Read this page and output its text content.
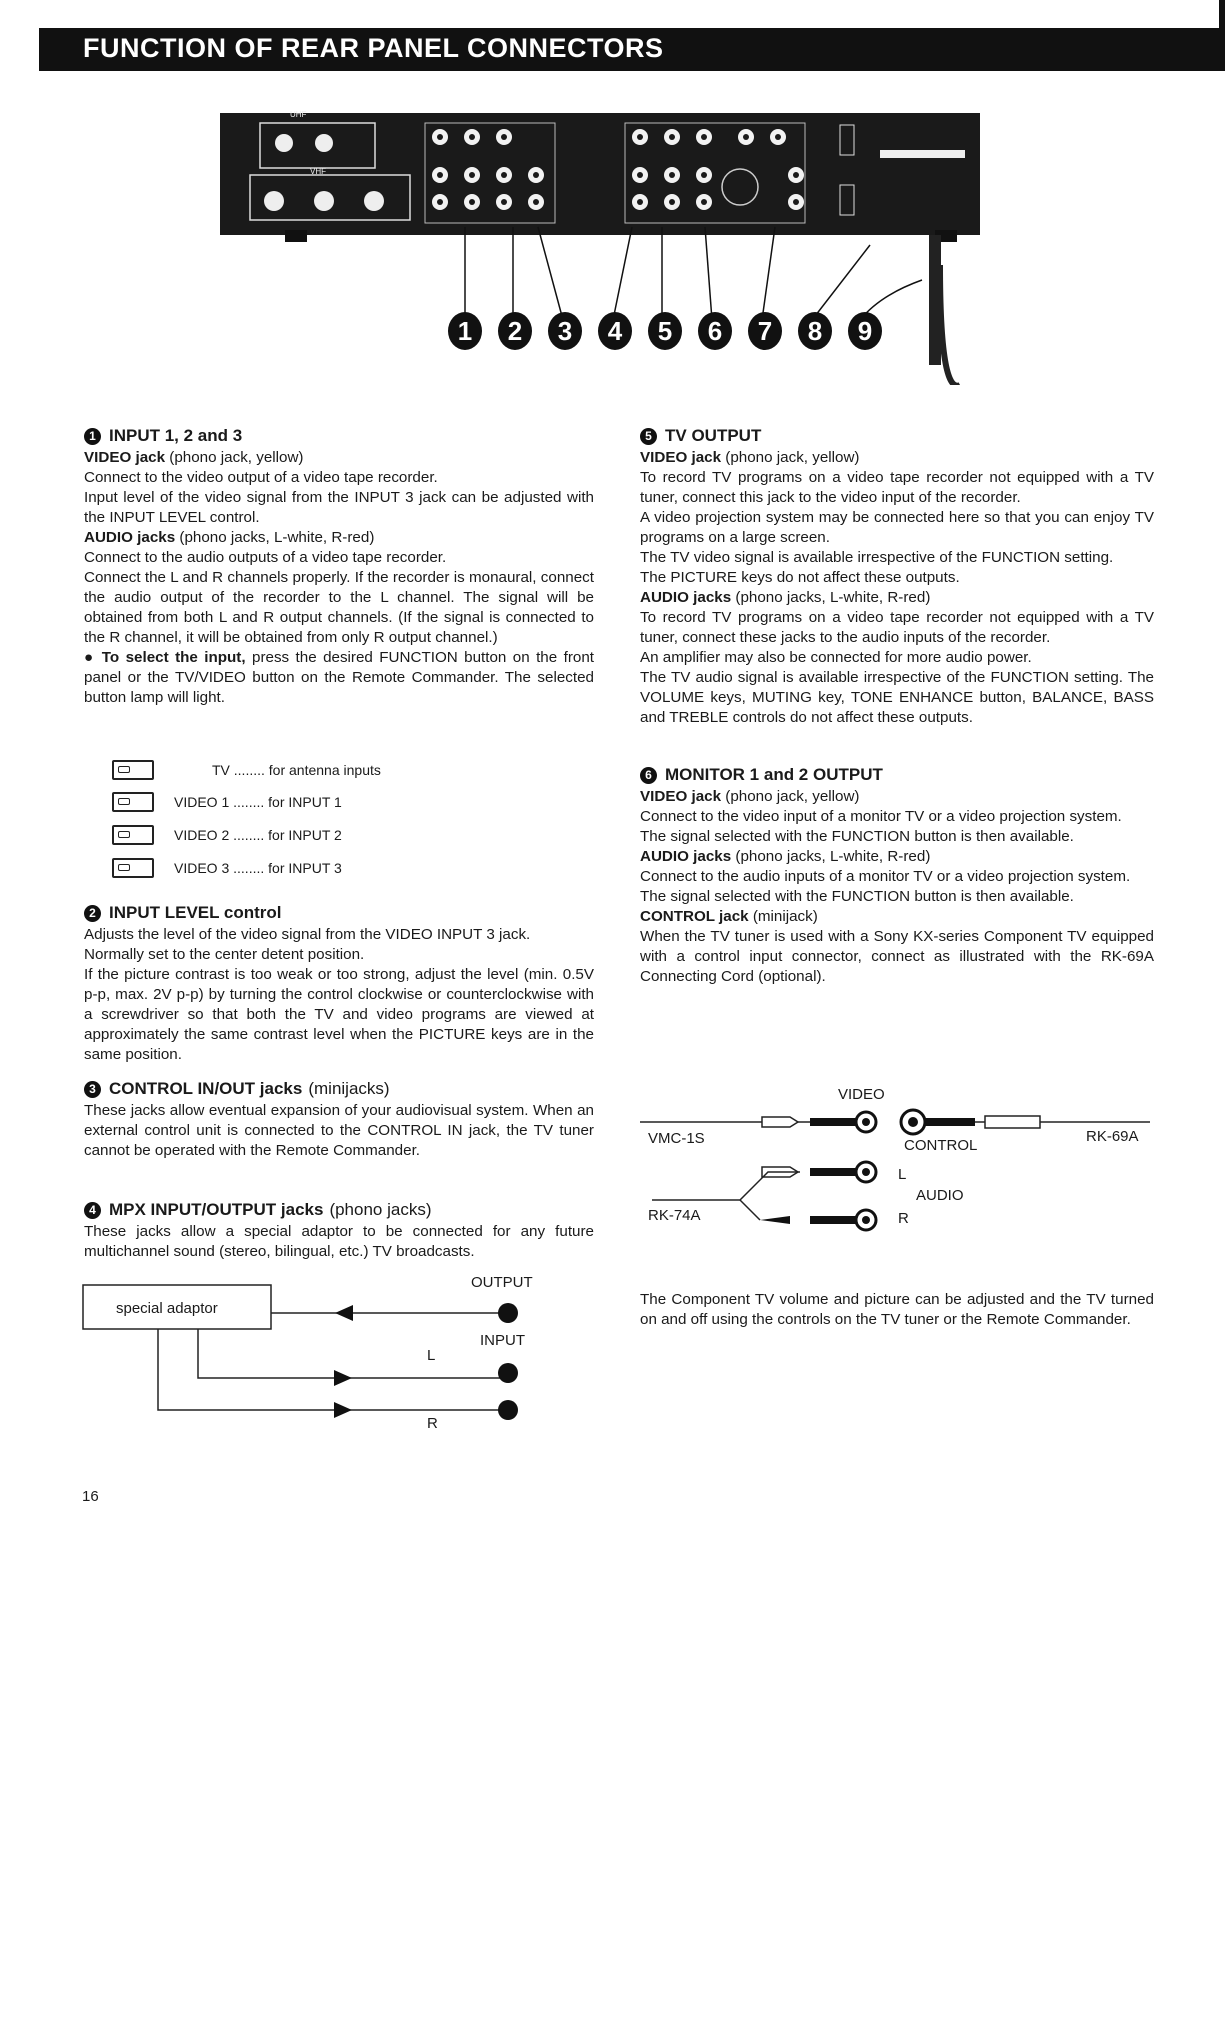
FUNCTION OF REAR PANEL CONNECTORS
1	2	3	4	5	6	7	8	9
UHF
VHF
1 INPUT 1, 2 and 3

VIDEO jack (phono jack, yellow)

Connect to the video output of a video tape recorder.

Input level of the video signal from the INPUT 3 jack can be adjusted with the INPUT LEVEL control.

AUDIO jacks (phono jacks, L-white, R-red)

Connect to the audio outputs of a video tape recorder.

Connect the L and R channels properly. If the recorder is monaural, connect the audio output of the recorder to the L channel. The signal will be obtained from both L and R output channels. (If the signal is connected to the R channel, it will be obtained from only R output channel.)

● To select the input, press the desired FUNCTION button on the front panel or the TV/VIDEO button on the Remote Commander. The selected button lamp will light.

TV ........ for antenna inputs
VIDEO 1 ........ for INPUT 1
VIDEO 2 ........ for INPUT 2
VIDEO 3 ........ for INPUT 3
2 INPUT LEVEL control

Adjusts the level of the video signal from the VIDEO INPUT 3 jack.

Normally set to the center detent position.

If the picture contrast is too weak or too strong, adjust the level (min. 0.5V p-p, max. 2V p-p) by turning the control clockwise or counterclockwise with a screwdriver so that both the TV and video programs are viewed at approximately the same contrast level when the PICTURE keys are in the same position.

3 CONTROL IN/OUT jacks (minijacks)

These jacks allow eventual expansion of your audiovisual system. When an external control unit is connected to the CONTROL IN jack, the TV tuner cannot be operated with the Remote Commander.

4 MPX INPUT/OUTPUT jacks (phono jacks)

These jacks allow a special adaptor to be connected for any future multichannel sound (stereo, bilingual, etc.) TV broadcasts.

special adaptor
OUTPUT
INPUT
L
R
5 TV OUTPUT

VIDEO jack (phono jack, yellow)

To record TV programs on a video tape recorder not equipped with a TV tuner, connect this jack to the video input of the recorder.

A video projection system may be connected here so that you can enjoy TV programs on a large screen.

The TV video signal is available irrespective of the FUNCTION setting.

The PICTURE keys do not affect these outputs.

AUDIO jacks (phono jacks, L-white, R-red)

To record TV programs on a video tape recorder not equipped with a TV tuner, connect these jacks to the audio inputs of the recorder.

An amplifier may also be connected for more audio power.

The TV audio signal is available irrespective of the FUNCTION setting. The VOLUME keys, MUTING key, TONE ENHANCE button, BALANCE, BASS and TREBLE controls do not affect these outputs.

6 MONITOR 1 and 2 OUTPUT

VIDEO jack (phono jack, yellow)

Connect to the video input of a monitor TV or a video projection system.

The signal selected with the FUNCTION button is then available.

AUDIO jacks (phono jacks, L-white, R-red)

Connect to the audio inputs of a monitor TV or a video projection system.

The signal selected with the FUNCTION button is then available.

CONTROL jack (minijack)

When the TV tuner is used with a Sony KX-series Component TV equipped with a control input connector, connect as illustrated with the RK-69A Connecting Cord (optional).

VIDEO
VMC-1S	CONTROL
RK-69A
L
AUDIO
RK-74A	R

The Component TV volume and picture can be adjusted and the TV turned on and off using the controls on the TV tuner or the Remote Commander.

16
